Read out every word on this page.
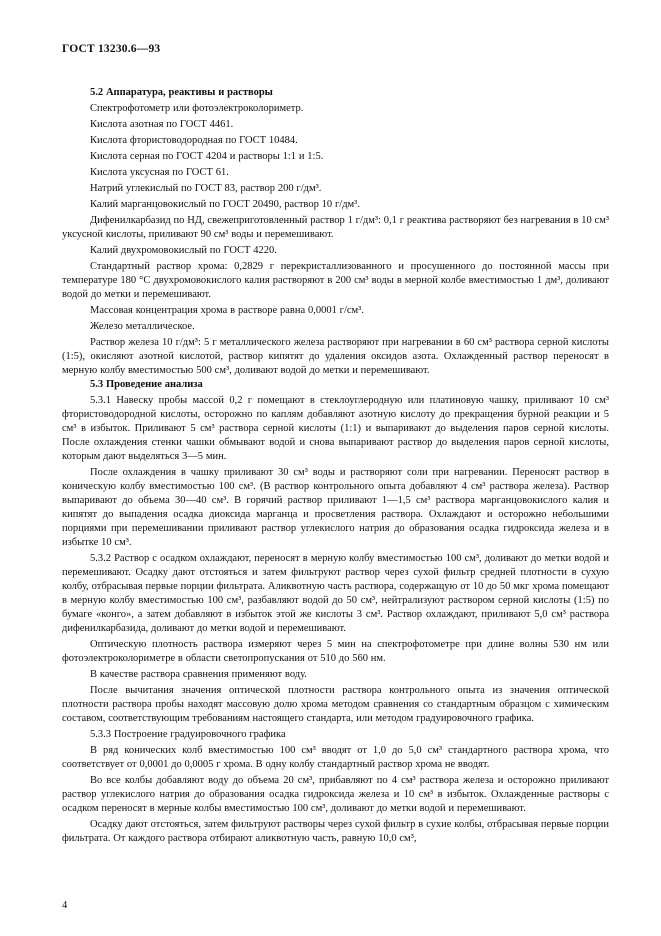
ГОСТ 13230.6—93

5.2 Аппаратура, реактивы и растворы

Спектрофотометр или фотоэлектроколориметр.

Кислота азотная по ГОСТ 4461.

Кислота фтористоводородная по ГОСТ 10484.

Кислота серная по ГОСТ 4204 и растворы 1:1 и 1:5.

Кислота уксусная по ГОСТ 61.

Натрий углекислый по ГОСТ 83, раствор 200 г/дм³.

Калий марганцовокислый по ГОСТ 20490, раствор 10 г/дм³.

Дифенилкарбазид по НД, свежеприготовленный раствор 1 г/дм³: 0,1 г реактива растворяют без нагревания в 10 см³ уксусной кислоты, приливают 90 см³ воды и перемешивают.

Калий двухромовокислый по ГОСТ 4220.

Стандартный раствор хрома: 0,2829 г перекристаллизованного и просушенного до постоянной массы при температуре 180 °С двухромовокислого калия растворяют в 200 см³ воды в мерной колбе вместимостью 1 дм³, доливают водой до метки и перемешивают.

Массовая концентрация хрома в растворе равна 0,0001 г/см³.

Железо металлическое.

Раствор железа 10 г/дм³: 5 г металлического железа растворяют при нагревании в 60 см³ раствора серной кислоты (1:5), окисляют азотной кислотой, раствор кипятят до удаления оксидов азота. Охлажденный раствор переносят в мерную колбу вместимостью 500 см³, доливают водой до метки и перемешивают.

5.3 Проведение анализа

5.3.1 Навеску пробы массой 0,2 г помещают в стеклоуглеродную или платиновую чашку, приливают 10 см³ фтористоводородной кислоты, осторожно по каплям добавляют азотную кислоту до прекращения бурной реакции и 5 см³ в избыток. Приливают 5 см³ раствора серной кислоты (1:1) и выпаривают до выделения паров серной кислоты. После охлаждения стенки чашки обмывают водой и снова выпаривают раствор до выделения паров серной кислоты, которым дают выделяться 3—5 мин.

После охлаждения в чашку приливают 30 см³ воды и растворяют соли при нагревании. Переносят раствор в коническую колбу вместимостью 100 см³. (В раствор контрольного опыта добавляют 4 см³ раствора железа). Раствор выпаривают до объема 30—40 см³. В горячий раствор приливают 1—1,5 см³ раствора марганцовокислого калия и кипятят до выпадения осадка диоксида марганца и просветления раствора. Охлаждают и осторожно небольшими порциями при перемешивании приливают раствор углекислого натрия до образования осадка гидроксида железа и в избытке 10 см³.

5.3.2 Раствор с осадком охлаждают, переносят в мерную колбу вместимостью 100 см³, доливают до метки водой и перемешивают. Осадку дают отстояться и затем фильтруют раствор через сухой фильтр средней плотности в сухую колбу, отбрасывая первые порции фильтрата. Аликвотную часть раствора, содержащую от 10 до 50 мкг хрома помещают в мерную колбу вместимостью 100 см³, разбавляют водой до 50 см³, нейтрализуют раствором серной кислоты (1:5) по бумаге «конго», а затем добавляют в избыток этой же кислоты 3 см³. Раствор охлаждают, приливают 5,0 см³ раствора дифенилкарбазида, доливают до метки водой и перемешивают.

Оптическую плотность раствора измеряют через 5 мин на спектрофотометре при длине волны 530 нм или фотоэлектроколориметре в области светопропускания от 510 до 560 нм.

В качестве раствора сравнения применяют воду.

После вычитания значения оптической плотности раствора контрольного опыта из значения оптической плотности раствора пробы находят массовую долю хрома методом сравнения со стандартным образцом с химическим составом, соответствующим требованиям настоящего стандарта, или методом градуировочного графика.

5.3.3 Построение градуировочного графика

В ряд конических колб вместимостью 100 см³ вводят от 1,0 до 5,0 см³ стандартного раствора хрома, что соответствует от 0,0001 до 0,0005 г хрома. В одну колбу стандартный раствор хрома не вводят.

Во все колбы добавляют воду до объема 20 см³, прибавляют по 4 см³ раствора железа и осторожно приливают раствор углекислого натрия до образования осадка гидроксида железа и 10 см³ в избыток. Охлажденные растворы с осадком переносят в мерные колбы вместимостью 100 см³, доливают до метки водой и перемешивают.

Осадку дают отстояться, затем фильтруют растворы через сухой фильтр в сухие колбы, отбрасывая первые порции фильтрата. От каждого раствора отбирают аликвотную часть, равную 10,0 см³,

4
